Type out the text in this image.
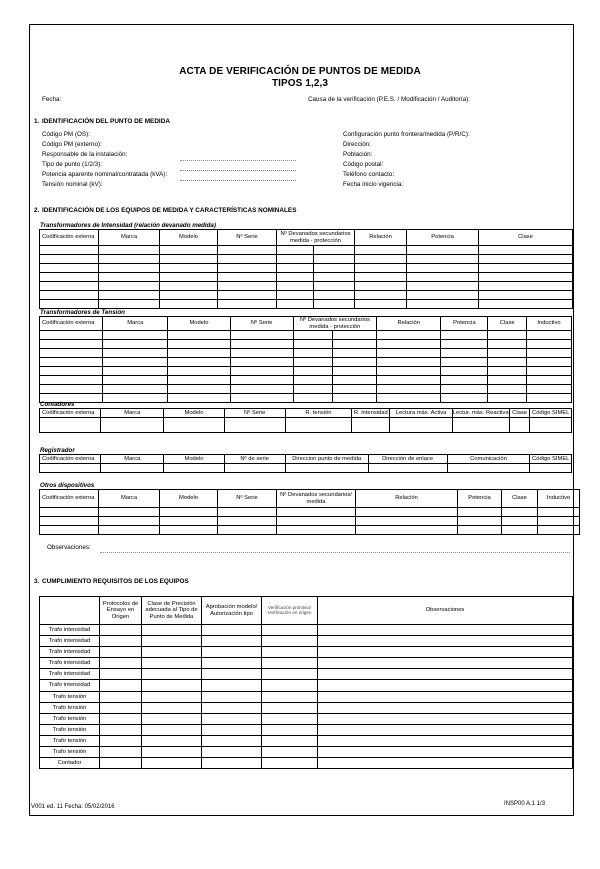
ACTA DE VERIFICACIÓN DE PUNTOS DE MEDIDA
TIPOS 1,2,3
Fecha:	Causa de la verificación (P.E.S. / Modificación / Auditoría):
1. IDENTIFICACIÓN DEL PUNTO DE MEDIDA
Código PM (OS):
Código PM (externo):
Responsable de la instalación:
Tipo de punto (1/2/3):
Potencia aparente nominal/contratada (kVA):
Tensión nominal (kV):
Configuración punto frontera/medida (P/R/C):
Dirección:
Población:
Código postal:
Teléfono contacto:
Fecha inicio vigencia:
2. IDENTIFICACIÓN DE LOS EQUIPOS DE MEDIDA Y CARACTERÍSTICAS NOMINALES
Transformadores de Intensidad (relación devanado medida)
Codificación externa	Marca	Modelo	Nº Serie	Nº Devanados secundarios medida - protección		Relación	Potencia	Clase

Transformadores de Tensión
Codificación externa	Marca	Modelo	Nº Serie	Nº Devanados secundarios medida - protección		Relación	Potencia	Clase	Inductivo

Contadores
Codificación externa	Marca	Modelo	Nº Serie	R. tensión	R. intensidad	Lectura máx. Activa	Lectur. máx. Reactiva	Clase	Código SIMEL

Registrador
Codificación externa	Marca	Modelo	Nº de serie	Direccion punto de medida	Dirección de enlace	Comunicación	Código SIMEL

Otros dispositivos
Codificación externa	Marca	Modelo	Nº Serie	Nº Devanados secundarios/ medida	Relación	Potencia	Clase	Inductivo

Observaciones:
3. CUMPLIMIENTO REQUISITOS DE LOS EQUIPOS
	Protocolos de Ensayo en Origen	Clase de Precisión adecuada al Tipo de Punto de Medida	Aprobación modelo/ Autorización tipo	Verificación primitiva/ Verificación en origen	Observaciones
Trafo intensidad					
Trafo intensidad					
Trafo intensidad					
Trafo intensidad					
Trafo intensidad					
Trafo intensidad					
Trafo tensión					
Trafo tensión					
Trafo tensión					
Trafo tensión					
Trafo tensión					
Trafo tensión					
Contador					
V001 ed. 11 Fecha: 05/02/2016	INSP00 A.1 1/3
